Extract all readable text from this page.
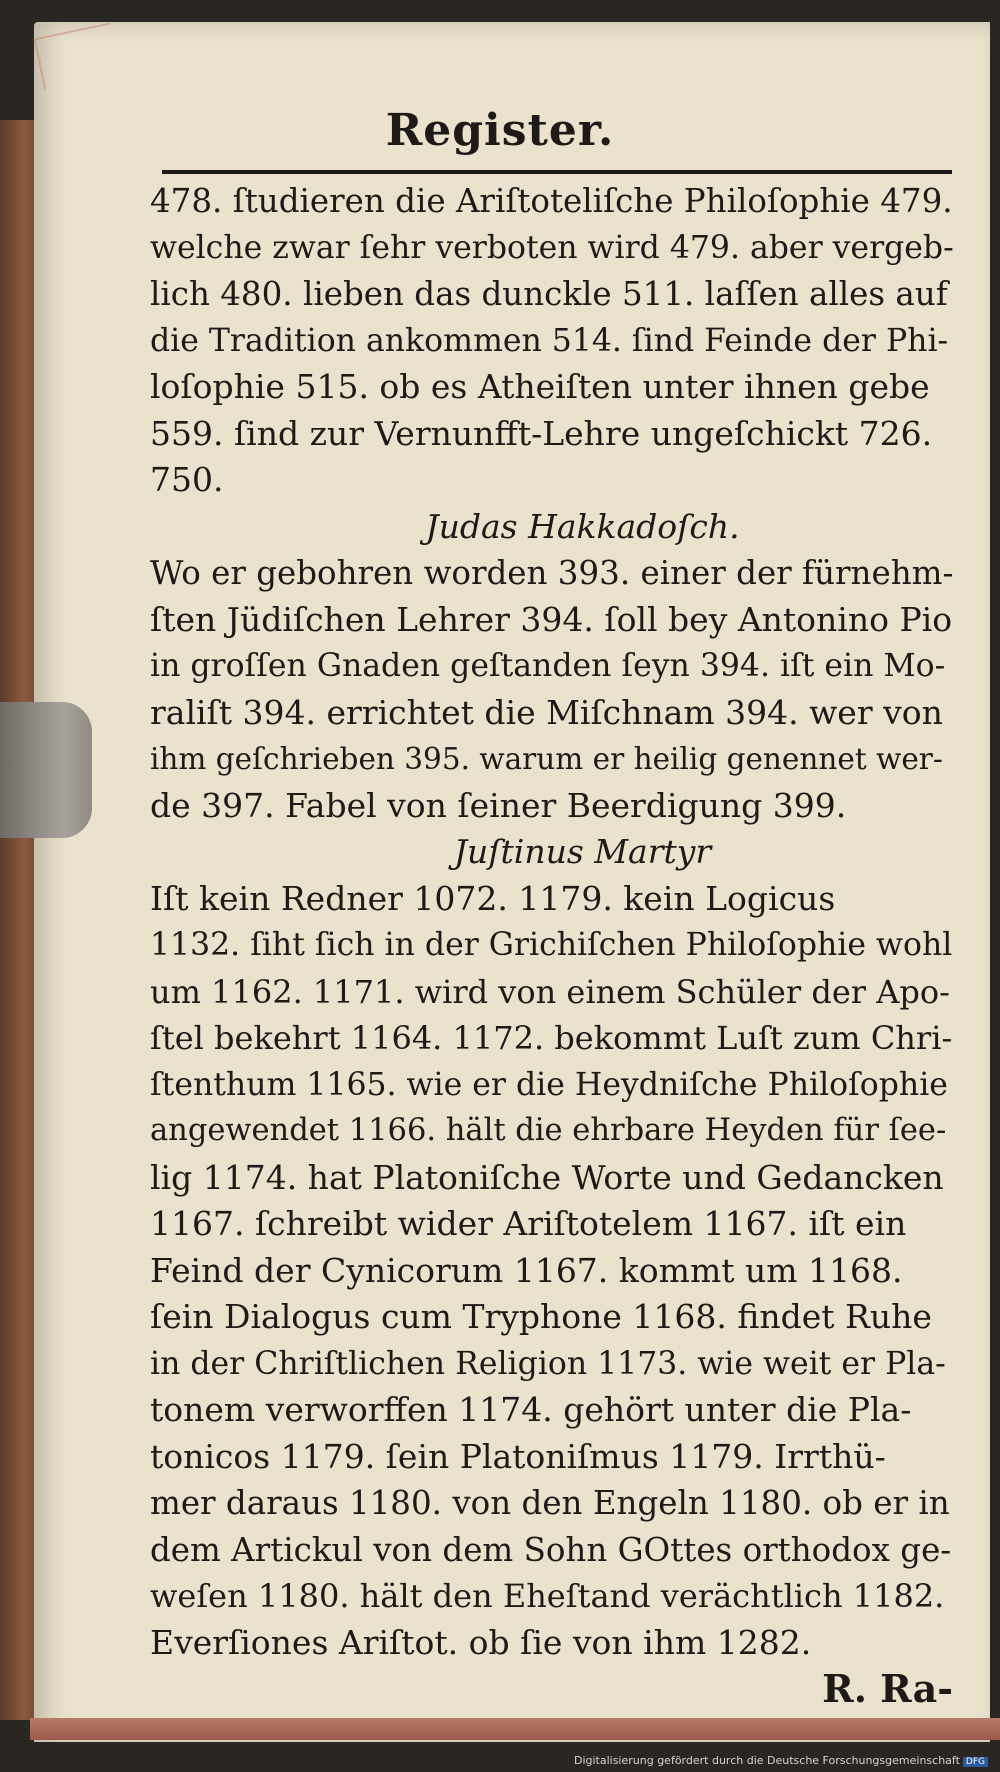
Register.
478. ſtudieren die Ariſtoteliſche Philoſophie 479.
welche zwar ſehr verboten wird 479. aber vergeb-
lich 480. lieben das dunckle 511. laſſen alles auf
die Tradition ankommen 514. ſind Feinde der Phi-
loſophie 515. ob es Atheiſten unter ihnen gebe
559. ſind zur Vernunfft-Lehre ungeſchickt 726.
750.
Judas Hakkadoſch.
Wo er gebohren worden 393. einer der fürnehm-
ſten Jüdiſchen Lehrer 394. ſoll bey Antonino Pio
in groſſen Gnaden geſtanden ſeyn 394. iſt ein Mo-
raliſt 394. errichtet die Miſchnam 394. wer von
ihm geſchrieben 395. warum er heilig genennet wer-
de 397. Fabel von ſeiner Beerdigung 399.
Juſtinus Martyr
Iſt kein Redner 1072. 1179. kein Logicus
1132. ſiht ſich in der Grichiſchen Philoſophie wohl
um 1162. 1171. wird von einem Schüler der Apo-
ſtel bekehrt 1164. 1172. bekommt Luſt zum Chri-
ſtenthum 1165. wie er die Heydniſche Philoſophie
angewendet 1166. hält die ehrbare Heyden für ſee-
lig 1174. hat Platoniſche Worte und Gedancken
1167. ſchreibt wider Ariſtotelem 1167. iſt ein
Feind der Cynicorum 1167. kommt um 1168.
ſein Dialogus cum Tryphone 1168. findet Ruhe
in der Chriſtlichen Religion 1173. wie weit er Pla-
tonem verworffen 1174. gehört unter die Pla-
tonicos 1179. ſein Platoniſmus 1179. Irrthü-
mer daraus 1180. von den Engeln 1180. ob er in
dem Artickul von dem Sohn GOttes orthodox ge-
weſen 1180. hält den Eheſtand verächtlich 1182.
Everſiones Ariſtot. ob ſie von ihm 1282.
R. Ra-
Digitalisierung gefördert durch die Deutsche Forschungsgemeinschaft DFG
